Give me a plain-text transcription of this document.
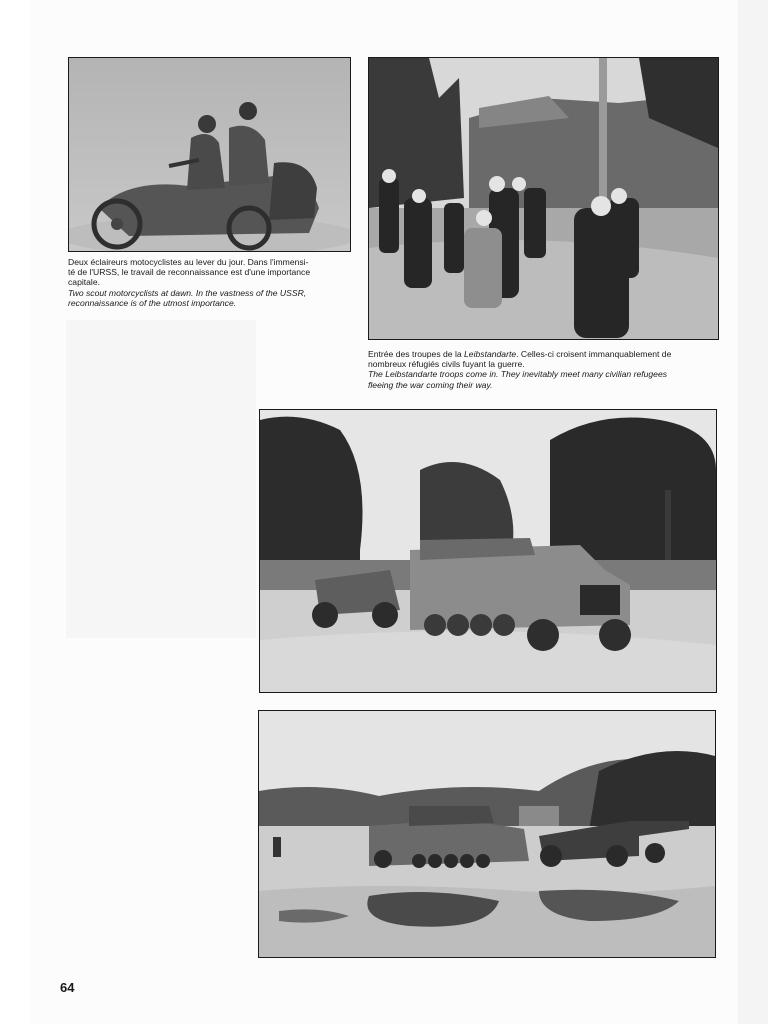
Deux éclaireurs motocyclistes au lever du jour. Dans l'immensi-

té de l'URSS, le travail de reconnaissance est d'une importance

capitale.

Two scout motorcyclists at dawn. In the vastness of the USSR,

reconnaissance is of the utmost importance.

Entrée des troupes de la Leibstandarte. Celles-ci croisent immanquablement de

nombreux réfugiés civils fuyant la guerre.

The Leibstandarte troops come in. They inevitably meet many civilian refugees

fleeing the war coming their way.

64
